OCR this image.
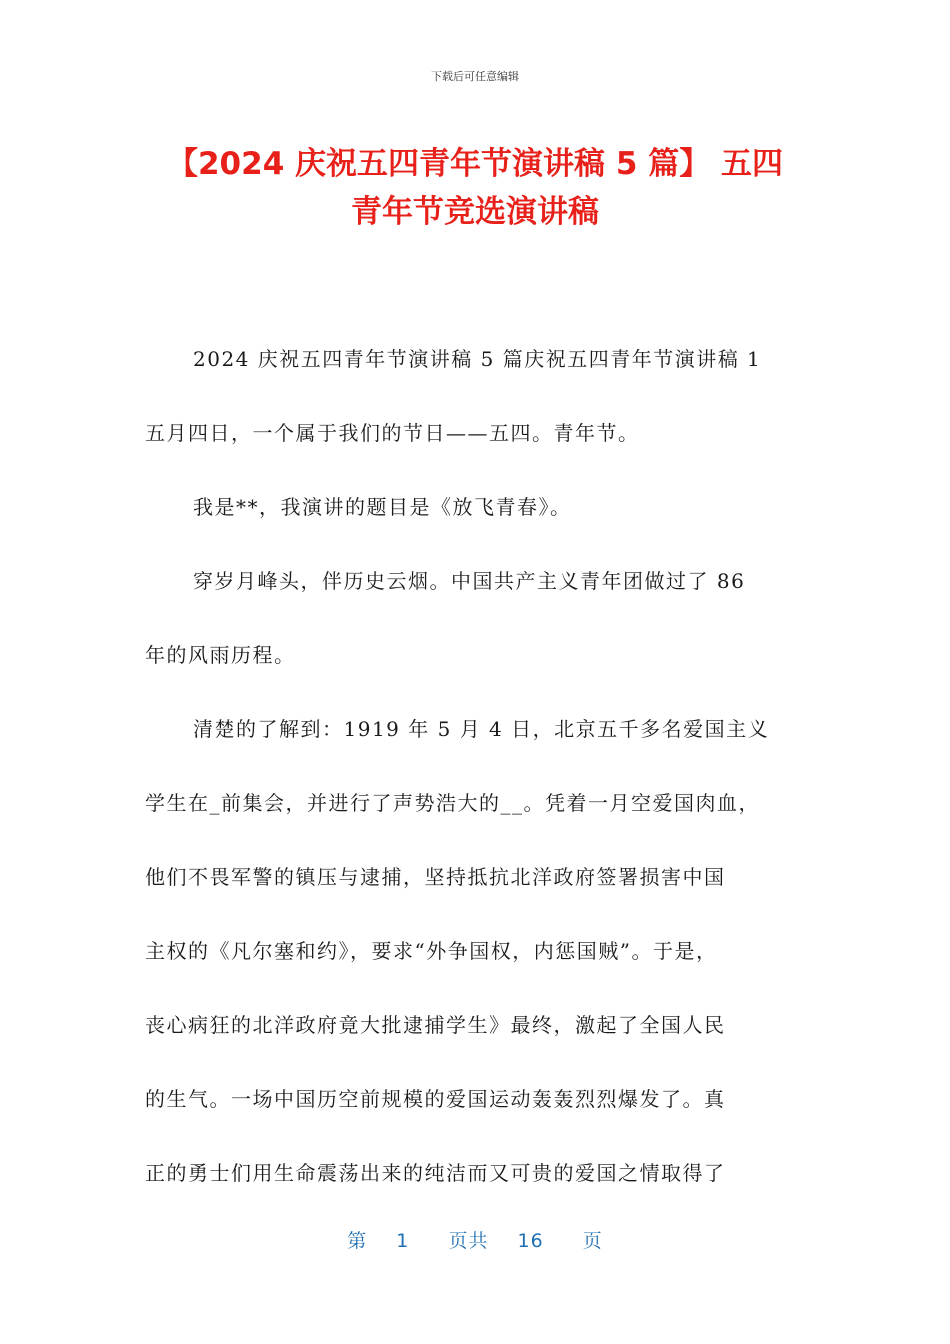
下载后可任意编辑
【2024 庆祝五四青年节演讲稿 5 篇】 五四
青年节竞选演讲稿

2024 庆祝五四青年节演讲稿 5 篇庆祝五四青年节演讲稿 1

五月四日，一个属于我们的节日——五四。青年节。

我是**，我演讲的题目是《放飞青春》。

穿岁月峰头，伴历史云烟。中国共产主义青年团做过了 86

年的风雨历程。

清楚的了解到：1919 年 5 月 4 日，北京五千多名爱国主义

学生在_前集会，并进行了声势浩大的__。凭着一月空爱国肉血，

他们不畏军警的镇压与逮捕，坚持抵抗北洋政府签署损害中国

主权的《凡尔塞和约》，要求“外争国权，内惩国贼”。于是，

丧心病狂的北洋政府竟大批逮捕学生》最终，激起了全国人民

的生气。一场中国历空前规模的爱国运动轰轰烈烈爆发了。真

正的勇士们用生命震荡出来的纯洁而又可贵的爱国之情取得了

第 1 页共 16 页
